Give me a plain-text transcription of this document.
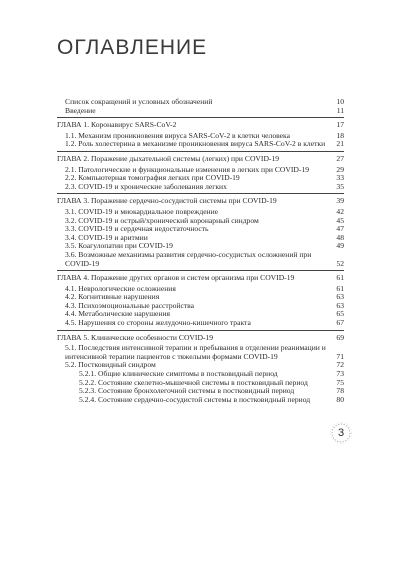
ОГЛАВЛЕНИЕ
Список сокращений и условных обозначений	10
Введение	11
ГЛАВА 1. Коронавирус SARS-CoV-2	17
1.1. Механизм проникновения вируса SARS-CoV-2 в клетки человека	18
1.2. Роль холестерина в механизме проникновения вируса SARS-CoV-2 в клетки	21
ГЛАВА 2. Поражение дыхательной системы (легких) при COVID-19	27
2.1. Патологические и функциональные изменения в легких при COVID-19	29
2.2. Компьютерная томография легких при COVID-19	33
2.3. COVID-19 и хронические заболевания легких	35
ГЛАВА 3. Поражение сердечно-сосудистой системы при COVID-19	39
3.1. COVID-19 и миокардиальное повреждение	42
3.2. COVID-19 и острый/хронический коронарный синдром	45
3.3. COVID-19 и сердечная недостаточность	47
3.4. COVID-19 и аритмии	48
3.5. Коагулопатии при COVID-19	49
3.6. Возможные механизмы развития сердечно-сосудистых осложнений при COVID-19	52
ГЛАВА 4. Поражение других органов и систем организма при COVID-19	61
4.1. Неврологические осложнения	61
4.2. Когнитивные нарушения	63
4.3. Психоэмоциональные расстройства	63
4.4. Метаболические нарушения	65
4.5. Нарушения со стороны желудочно-кишечного тракта	67
ГЛАВА 5. Клинические особенности COVID-19	69
5.1. Последствия интенсивной терапии и пребывания в отделении реанимации и интенсивной терапии пациентов с тяжелыми формами COVID-19	71
5.2. Постковидный синдром	72
5.2.1. Общие клинические симптомы в постковидный период	73
5.2.2. Состояние скелетно-мышечной системы в постковидный период	75
5.2.3. Состояние бронхолегочной системы в постковидный период	78
5.2.4. Состояние сердечно-сосудистой системы в постковидный период	80
3
